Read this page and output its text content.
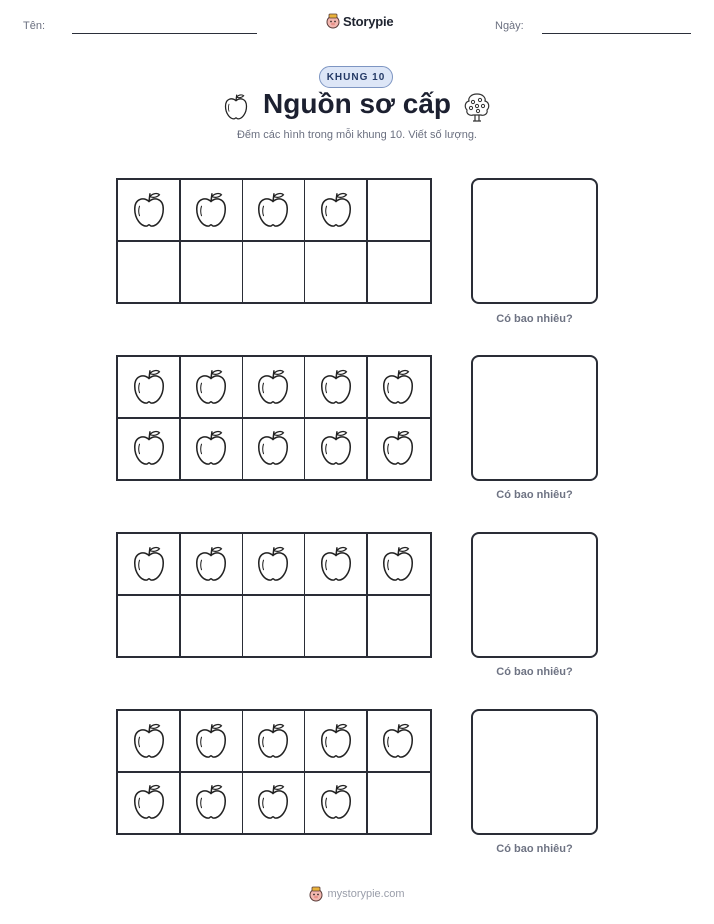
Tên:	Storypie	Ngày:
KHUNG 10
Nguồn sơ cấp
Đếm các hình trong mỗi khung 10. Viết số lượng.
Có bao nhiêu?
Có bao nhiêu?
Có bao nhiêu?
Có bao nhiêu?
mystorypie.com
